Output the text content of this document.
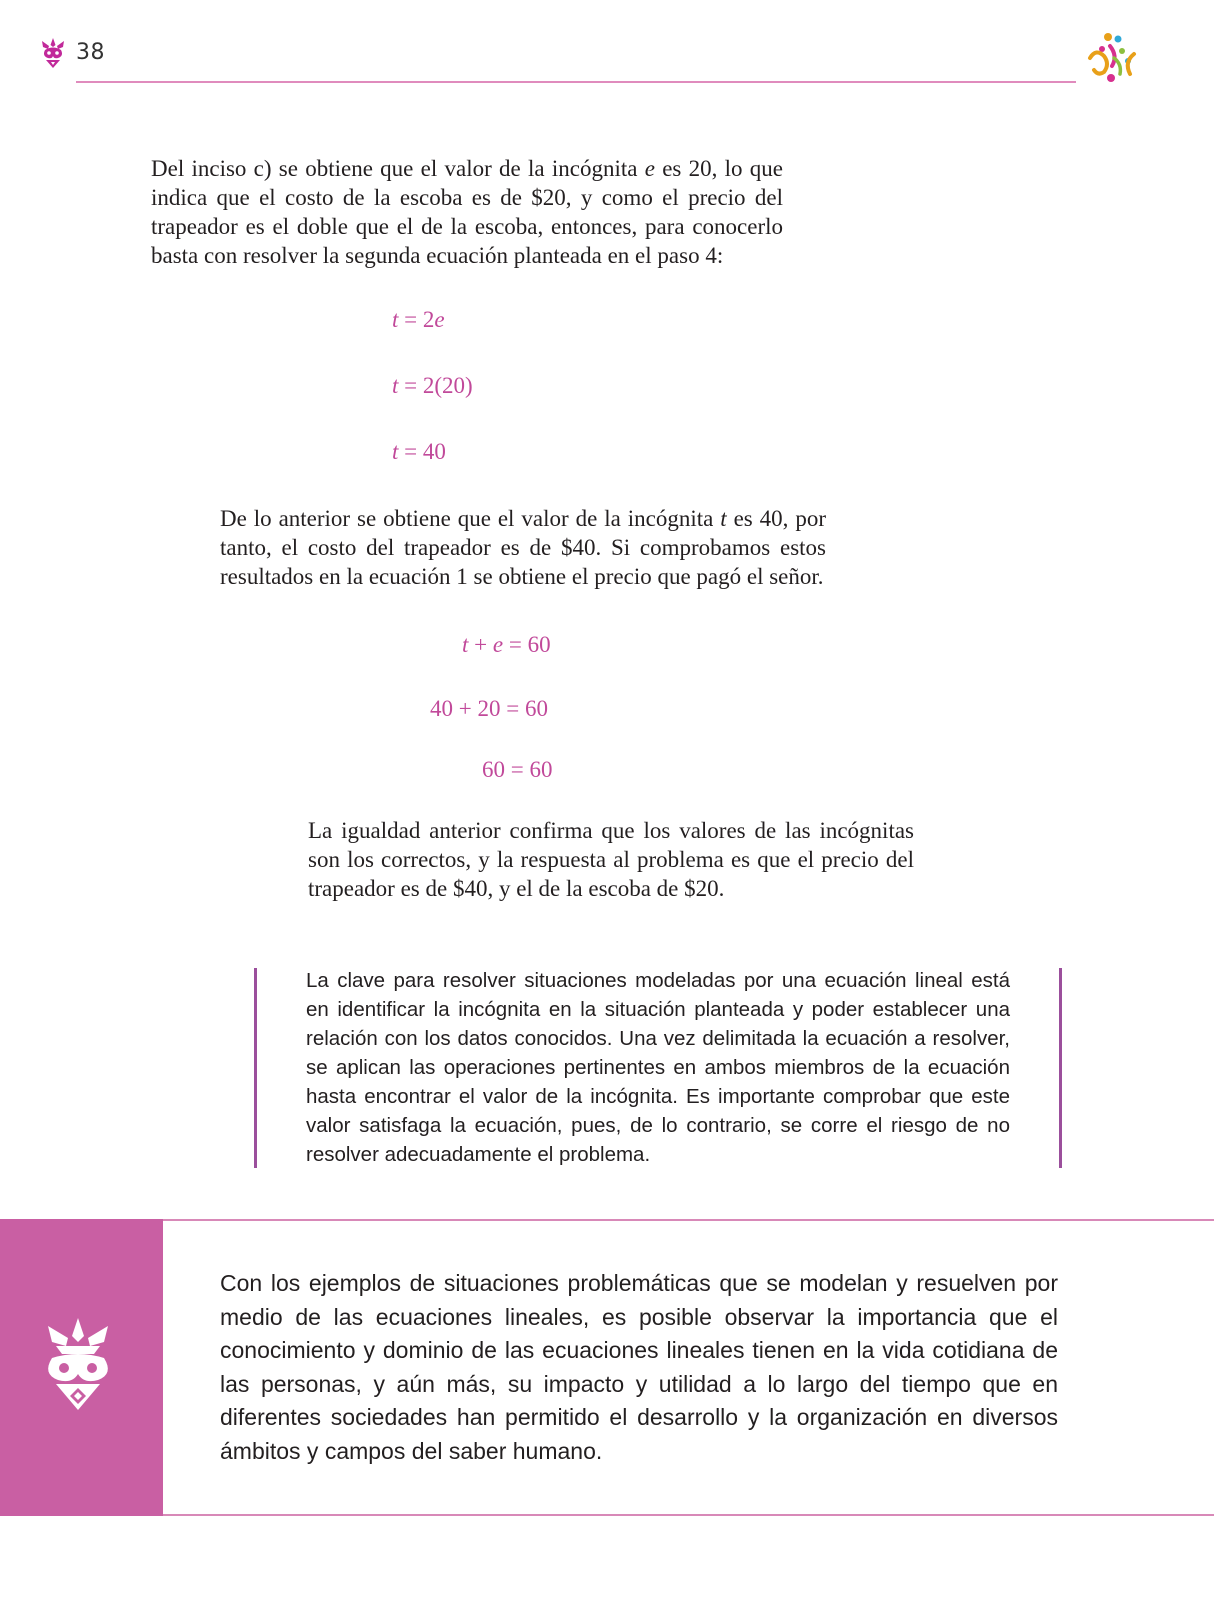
38

Del inciso c) se obtiene que el valor de la incógnita e es 20, lo que indica que el costo de la escoba es de $20, y como el precio del trapeador es el doble que el de la escoba, entonces, para conocerlo basta con resolver la segunda ecuación planteada en el paso 4:

t = 2e
t = 2(20)
t = 40

De lo anterior se obtiene que el valor de la incógnita t es 40, por tanto, el costo del trapeador es de $40. Si comprobamos estos resultados en la ecuación 1 se obtiene el precio que pagó el señor.

t + e = 60
40 + 20 = 60
60 = 60

La igualdad anterior confirma que los valores de las incógnitas son los correctos, y la respuesta al problema es que el precio del trapeador es de $40, y el de la escoba de $20.

La clave para resolver situaciones modeladas por una ecuación lineal está en identificar la incógnita en la situación planteada y poder establecer una relación con los datos conocidos. Una vez delimitada la ecuación a resolver, se aplican las operaciones pertinentes en ambos miembros de la ecuación hasta encontrar el valor de la incógnita. Es importante comprobar que este valor satisfaga la ecuación, pues, de lo contrario, se corre el riesgo de no resolver adecuadamente el problema.

Con los ejemplos de situaciones problemáticas que se modelan y resuelven por medio de las ecuaciones lineales, es posible observar la importancia que el conocimiento y dominio de las ecuaciones lineales tienen en la vida cotidiana de las personas, y aún más, su impacto y utilidad a lo largo del tiempo que en diferentes sociedades han permitido el desarrollo y la organización en diversos ámbitos y campos del saber humano.
